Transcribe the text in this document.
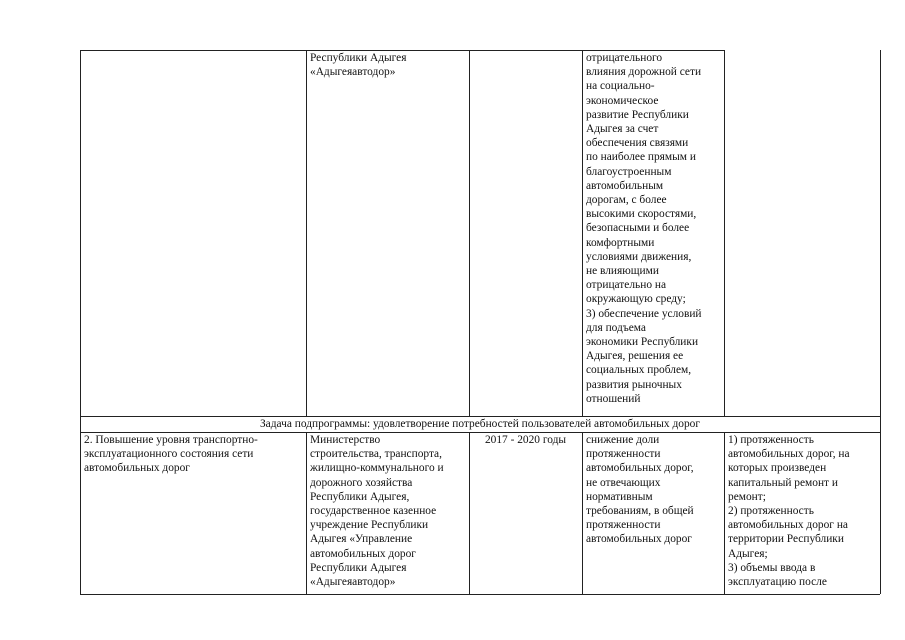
Республики Адыгея
«Адыгеяавтодор»
отрицательного
влияния дорожной сети
на социально-
экономическое
развитие Республики
Адыгея за счет
обеспечения связями
по наиболее прямым и
благоустроенным
автомобильным
дорогам, с более
высокими скоростями,
безопасными и более
комфортными
условиями движения,
не влияющими
отрицательно на
окружающую среду;
3) обеспечение условий
для подъема
экономики Республики
Адыгея, решения ее
социальных проблем,
развития рыночных
отношений
Задача подпрограммы: удовлетворение потребностей пользователей автомобильных дорог
2. Повышение уровня транспортно-
эксплуатационного состояния сети
автомобильных дорог
Министерство
строительства, транспорта,
жилищно-коммунального и
дорожного хозяйства
Республики Адыгея,
государственное казенное
учреждение Республики
Адыгея «Управление
автомобильных дорог
Республики Адыгея
«Адыгеяавтодор»
2017 - 2020 годы	снижение доли
протяженности
автомобильных дорог,
не отвечающих
нормативным
требованиям, в общей
протяженности
автомобильных дорог
1) протяженность
автомобильных дорог, на
которых произведен
капитальный ремонт и
ремонт;
2) протяженность
автомобильных дорог на
территории Республики
Адыгея;
3) объемы ввода в
эксплуатацию после
